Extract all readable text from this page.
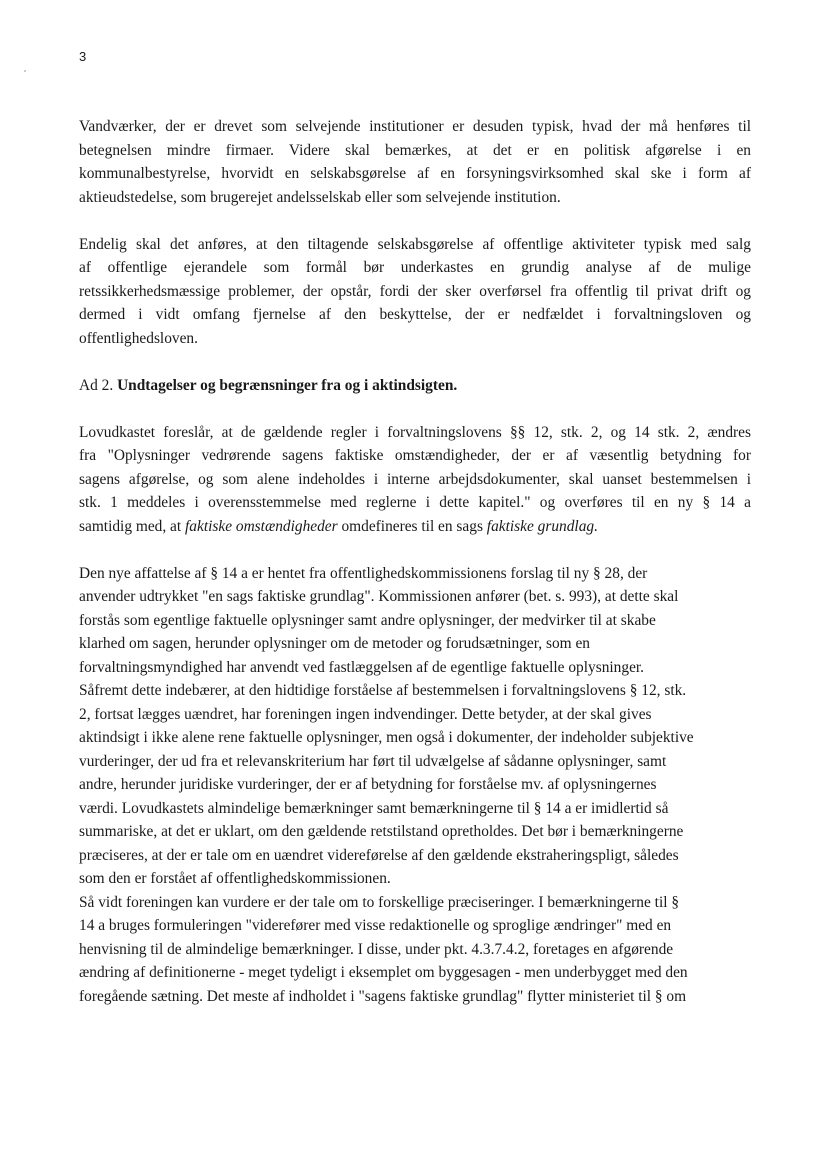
3
Vandværker, der er drevet som selvejende institutioner er desuden typisk, hvad der må henføres til
betegnelsen mindre firmaer. Videre skal bemærkes, at det er en politisk afgørelse i en
kommunalbestyrelse, hvorvidt en selskabsgørelse af en forsyningsvirksomhed skal ske i form af
aktieudstedelse, som brugerejet andelsselskab eller som selvejende institution.
Endelig skal det anføres, at den tiltagende selskabsgørelse af offentlige aktiviteter typisk med salg
af offentlige ejerandele som formål bør underkastes en grundig analyse af de mulige
retssikkerhedsmæssige problemer, der opstår, fordi der sker overførsel fra offentlig til privat drift og
dermed i vidt omfang fjernelse af den beskyttelse, der er nedfældet i forvaltningsloven og
offentlighedsloven.
Ad 2. Undtagelser og begrænsninger fra og i aktindsigten.
Lovudkastet foreslår, at de gældende regler i forvaltningslovens §§ 12, stk. 2, og 14 stk. 2, ændres
fra "Oplysninger vedrørende sagens faktiske omstændigheder, der er af væsentlig betydning for
sagens afgørelse, og som alene indeholdes i interne arbejdsdokumenter, skal uanset bestemmelsen i
stk. 1 meddeles i overensstemmelse med reglerne i dette kapitel." og overføres til en ny § 14 a
samtidig med, at faktiske omstændigheder omdefineres til en sags faktiske grundlag.
Den nye affattelse af § 14 a er hentet fra offentlighedskommissionens forslag til ny § 28, der
anvender udtrykket "en sags faktiske grundlag". Kommissionen anfører (bet. s. 993), at dette skal
forstås som egentlige faktuelle oplysninger samt andre oplysninger, der medvirker til at skabe
klarhed om sagen, herunder oplysninger om de metoder og forudsætninger, som en
forvaltningsmyndighed har anvendt ved fastlæggelsen af de egentlige faktuelle oplysninger.
Såfremt dette indebærer, at den hidtidige forståelse af bestemmelsen i forvaltningslovens § 12, stk.
2, fortsat lægges uændret, har foreningen ingen indvendinger. Dette betyder, at der skal gives
aktindsigt i ikke alene rene faktuelle oplysninger, men også i dokumenter, der indeholder subjektive
vurderinger, der ud fra et relevanskriterium har ført til udvælgelse af sådanne oplysninger, samt
andre, herunder juridiske vurderinger, der er af betydning for forståelse mv. af oplysningernes
værdi. Lovudkastets almindelige bemærkninger samt bemærkningerne til § 14 a er imidlertid så
summariske, at det er uklart, om den gældende retstilstand opretholdes. Det bør i bemærkningerne
præciseres, at der er tale om en uændret videreførelse af den gældende ekstraheringspligt, således
som den er forstået af offentlighedskommissionen.
Så vidt foreningen kan vurdere er der tale om to forskellige præciseringer. I bemærkningerne til §
14 a bruges formuleringen "viderefører med visse redaktionelle og sproglige ændringer" med en
henvisning til de almindelige bemærkninger. I disse, under pkt. 4.3.7.4.2, foretages en afgørende
ændring af definitionerne - meget tydeligt i eksemplet om byggesagen - men underbygget med den
foregående sætning. Det meste af indholdet i "sagens faktiske grundlag" flytter ministeriet til § om
